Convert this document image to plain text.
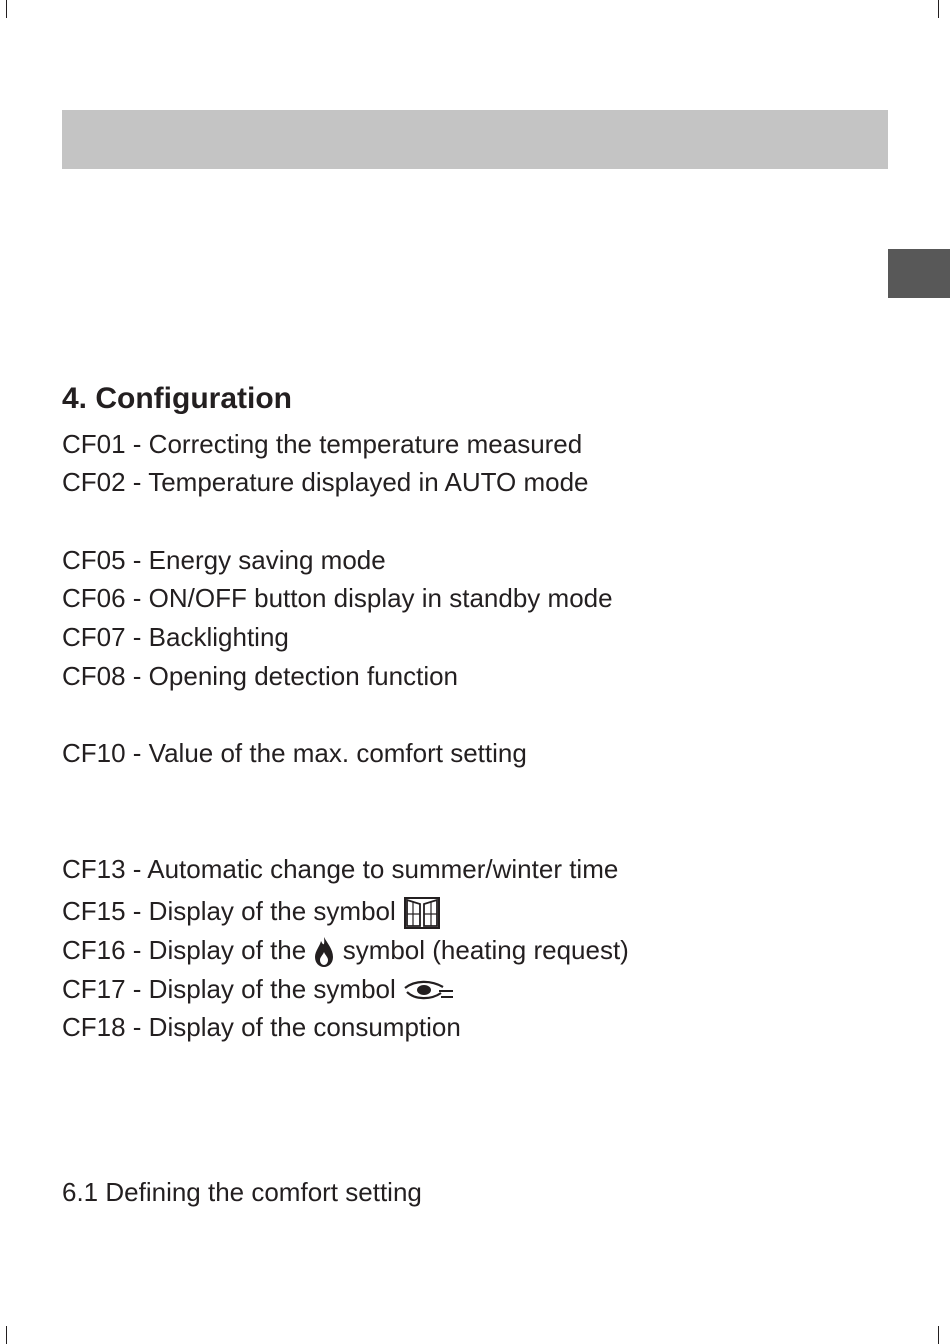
4. Configuration
CF01 - Correcting the temperature measured
CF02 - Temperature displayed in AUTO mode
CF05 - Energy saving mode
CF06 - ON/OFF button display in standby mode
CF07 - Backlighting
CF08 - Opening detection function
CF10 - Value of the max. comfort setting
CF13 - Automatic change to summer/winter time
CF15 - Display of the symbol
CF16 - Display of the symbol (heating request)
CF17 - Display of the symbol
CF18 - Display of the consumption
6.1 Defining the comfort setting
